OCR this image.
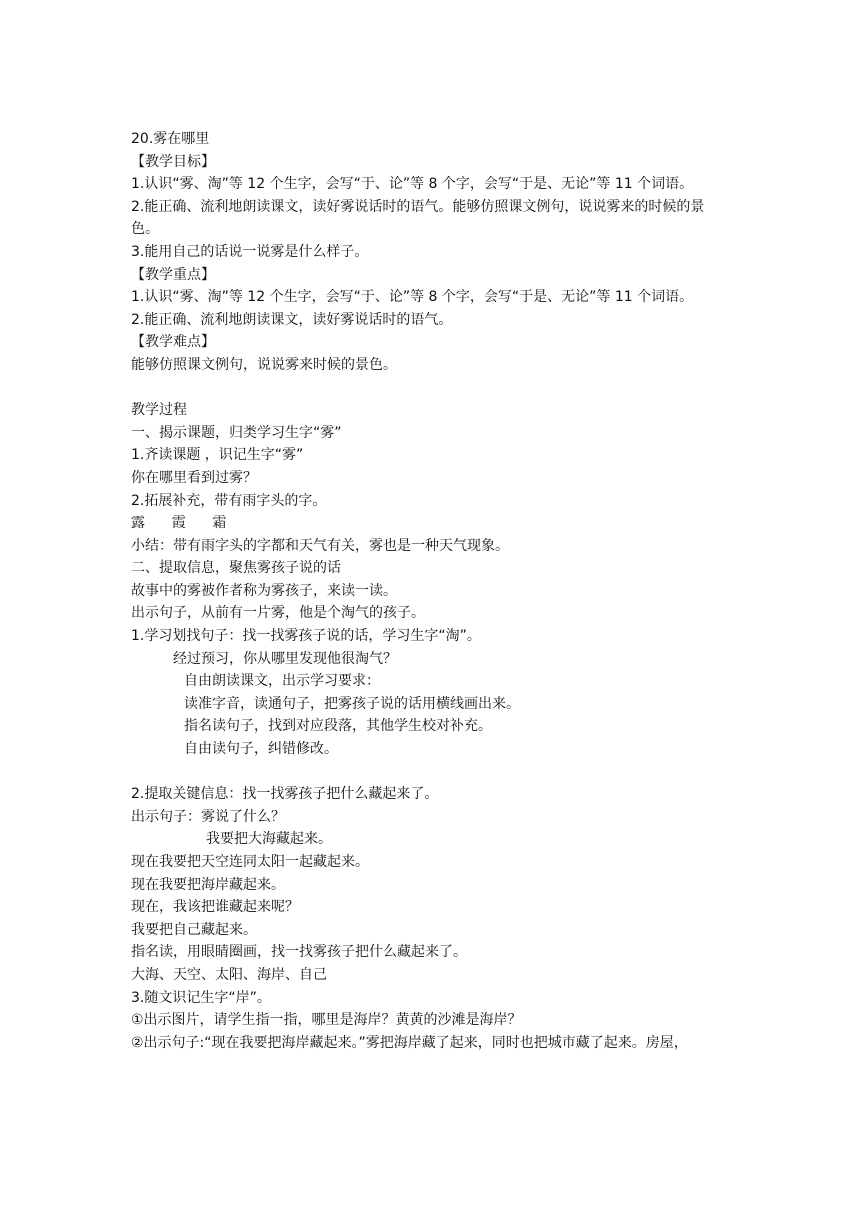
20.雾在哪里
【教学目标】
1.认识“雾、淘”等 12 个生字，会写“于、论”等 8 个字，会写“于是、无论”等 11 个词语。
2.能正确、流利地朗读课文，读好雾说话时的语气。能够仿照课文例句，说说雾来的时候的景色。
3.能用自己的话说一说雾是什么样子。
【教学重点】
1.认识“雾、淘”等 12 个生字，会写“于、论”等 8 个字，会写“于是、无论”等 11 个词语。
2.能正确、流利地朗读课文，读好雾说话时的语气。
【教学难点】
能够仿照课文例句，说说雾来时候的景色。
教学过程
一、揭示课题，归类学习生字“雾”
1.齐读课题 ，识记生字“雾”
你在哪里看到过雾？
2.拓展补充，带有雨字头的字。
露      霞      霜
小结：带有雨字头的字都和天气有关，雾也是一种天气现象。
二、提取信息，聚焦雾孩子说的话
故事中的雾被作者称为雾孩子，来读一读。
出示句子，从前有一片雾，他是个淘气的孩子。
1.学习划找句子：找一找雾孩子说的话，学习生字“淘”。
经过预习，你从哪里发现他很淘气？
自由朗读课文，出示学习要求：
读准字音，读通句子，把雾孩子说的话用横线画出来。
指名读句子，找到对应段落，其他学生校对补充。
自由读句子，纠错修改。
2.提取关键信息：找一找雾孩子把什么藏起来了。
出示句子：雾说了什么？
我要把大海藏起来。
现在我要把天空连同太阳一起藏起来。
现在我要把海岸藏起来。
现在，我该把谁藏起来呢？
我要把自己藏起来。
指名读，用眼睛圈画，找一找雾孩子把什么藏起来了。
大海、天空、太阳、海岸、自己
3.随文识记生字“岸”。
①出示图片，请学生指一指，哪里是海岸？黄黄的沙滩是海岸？
②出示句子:“现在我要把海岸藏起来。”雾把海岸藏了起来，同时也把城市藏了起来。房屋，
